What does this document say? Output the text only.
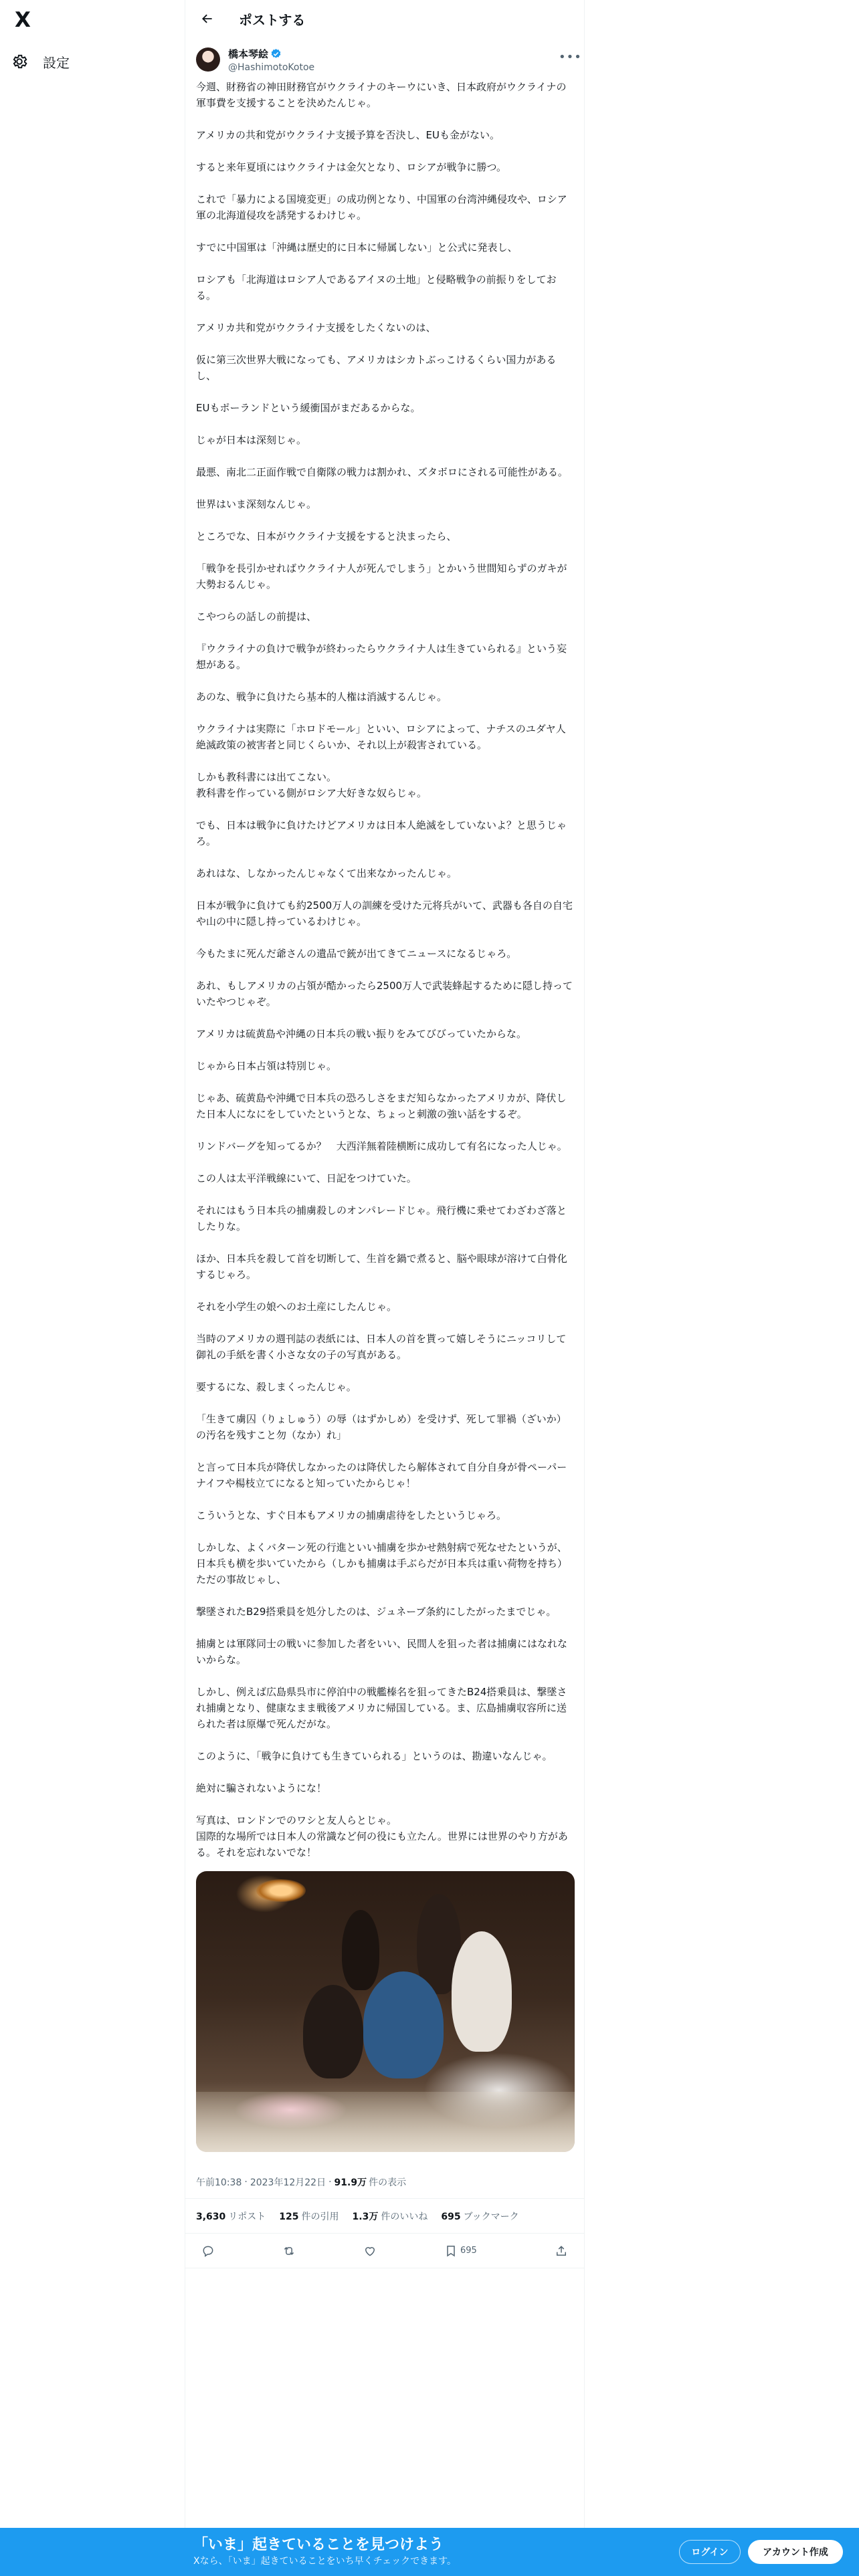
X
設定
ポストする
橋本琴絵
@HashimotoKotoe
•••

今週、財務省の神田財務官がウクライナのキーウにいき、日本政府がウクライナの軍事費を支援することを決めたんじゃ。

アメリカの共和党がウクライナ支援予算を否決し、EUも金がない。

すると来年夏頃にはウクライナは金欠となり、ロシアが戦争に勝つ。

これで「暴力による国境変更」の成功例となり、中国軍の台湾沖縄侵攻や、ロシア軍の北海道侵攻を誘発するわけじゃ。

すでに中国軍は「沖縄は歴史的に日本に帰属しない」と公式に発表し、

ロシアも「北海道はロシア人であるアイヌの土地」と侵略戦争の前振りをしておる。

アメリカ共和党がウクライナ支援をしたくないのは、

仮に第三次世界大戦になっても、アメリカはシカトぶっこけるくらい国力があるし、

EUもポーランドという緩衝国がまだあるからな。

じゃが日本は深刻じゃ。

最悪、南北二正面作戦で自衛隊の戦力は割かれ、ズタボロにされる可能性がある。

世界はいま深刻なんじゃ。

ところでな、日本がウクライナ支援をすると決まったら、

「戦争を長引かせればウクライナ人が死んでしまう」とかいう世間知らずのガキが大勢おるんじゃ。

こやつらの話しの前提は、

『ウクライナの負けで戦争が終わったらウクライナ人は生きていられる』という妄想がある。

あのな、戦争に負けたら基本的人権は消滅するんじゃ。

ウクライナは実際に「ホロドモール」といい、ロシアによって、ナチスのユダヤ人絶滅政策の被害者と同じくらいか、それ以上が殺害されている。

しかも教科書には出てこない。
教科書を作っている側がロシア大好きな奴らじゃ。

でも、日本は戦争に負けたけどアメリカは日本人絶滅をしていないよ？と思うじゃろ。

あれはな、しなかったんじゃなくて出来なかったんじゃ。

日本が戦争に負けても約2500万人の訓練を受けた元将兵がいて、武器も各自の自宅や山の中に隠し持っているわけじゃ。

今もたまに死んだ爺さんの遺品で銃が出てきてニュースになるじゃろ。

あれ、もしアメリカの占領が酷かったら2500万人で武装蜂起するために隠し持っていたやつじゃぞ。

アメリカは硫黄島や沖縄の日本兵の戦い振りをみてびびっていたからな。

じゃから日本占領は特別じゃ。

じゃあ、硫黄島や沖縄で日本兵の恐ろしさをまだ知らなかったアメリカが、降伏した日本人になにをしていたというとな、ちょっと刺激の強い話をするぞ。

リンドバーグを知ってるか？　大西洋無着陸横断に成功して有名になった人じゃ。

この人は太平洋戦線にいて、日記をつけていた。

それにはもう日本兵の捕虜殺しのオンパレードじゃ。飛行機に乗せてわざわざ落としたりな。

ほか、日本兵を殺して首を切断して、生首を鍋で煮ると、脳や眼球が溶けて白骨化するじゃろ。

それを小学生の娘へのお土産にしたんじゃ。

当時のアメリカの週刊誌の表紙には、日本人の首を貰って嬉しそうにニッコリして御礼の手紙を書く小さな女の子の写真がある。

要するにな、殺しまくったんじゃ。

「生きて虜囚（りょしゅう）の辱（はずかしめ）を受けず、死して罪禍（ざいか）の汚名を残すこと勿（なか）れ」

と言って日本兵が降伏しなかったのは降伏したら解体されて自分自身が骨ペーパーナイフや楊枝立てになると知っていたからじゃ！

こういうとな、すぐ日本もアメリカの捕虜虐待をしたというじゃろ。

しかしな、よくバターン死の行進といい捕虜を歩かせ熱射病で死なせたというが、日本兵も横を歩いていたから（しかも捕虜は手ぶらだが日本兵は重い荷物を持ち）ただの事故じゃし、

撃墜されたB29搭乗員を処分したのは、ジュネーブ条約にしたがったまでじゃ。

捕虜とは軍隊同士の戦いに参加した者をいい、民間人を狙った者は捕虜にはなれないからな。

しかし、例えば広島県呉市に停泊中の戦艦榛名を狙ってきたB24搭乗員は、撃墜され捕虜となり、健康なまま戦後アメリカに帰国している。ま、広島捕虜収容所に送られた者は原爆で死んだがな。

このように、「戦争に負けても生きていられる」というのは、勘違いなんじゃ。

絶対に騙されないようにな！

写真は、ロンドンでのワシと友人らとじゃ。
国際的な場所では日本人の常識など何の役にも立たん。世界には世界のやり方がある。それを忘れないでな！

午前10:38 · 2023年12月22日 · 91.9万 件の表示
3,630 リポスト 125 件の引用 1.3万 件のいいね 695 ブックマーク
695
「いま」起きていることを見つけよう
Xなら、「いま」起きていることをいち早くチェックできます。
ログイン	アカウント作成
